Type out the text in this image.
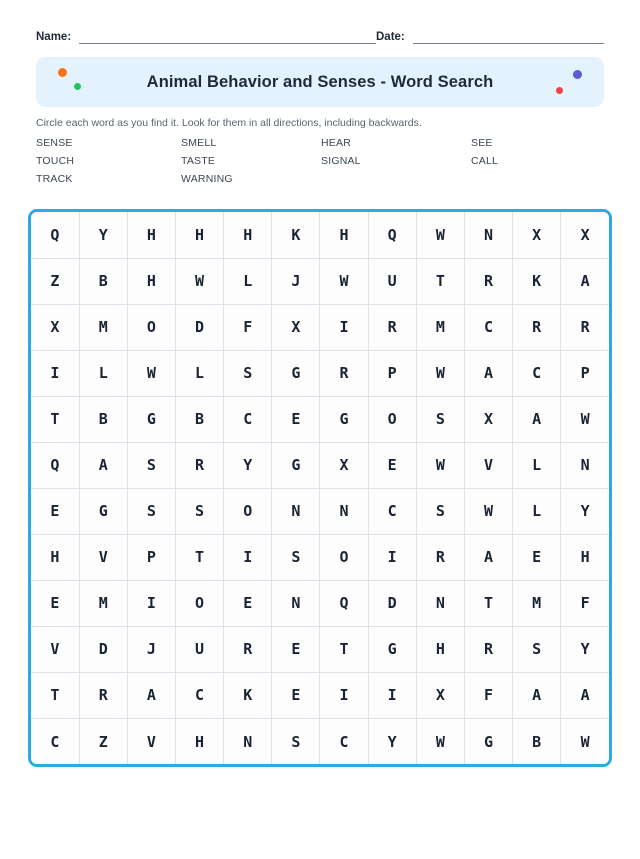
Name:	Date:
Animal Behavior and Senses - Word Search
Circle each word as you find it. Look for them in all directions, including backwards.
SENSE	SMELL	HEAR	SEE
TOUCH	TASTE	SIGNAL	CALL
TRACK	WARNING
Q	Y	H	H	H	K	H	Q	W	N	X	X
Z	B	H	W	L	J	W	U	T	R	K	A
X	M	O	D	F	X	I	R	M	C	R	R
I	L	W	L	S	G	R	P	W	A	C	P
T	B	G	B	C	E	G	O	S	X	A	W
Q	A	S	R	Y	G	X	E	W	V	L	N
E	G	S	S	O	N	N	C	S	W	L	Y
H	V	P	T	I	S	O	I	R	A	E	H
E	M	I	O	E	N	Q	D	N	T	M	F
V	D	J	U	R	E	T	G	H	R	S	Y
T	R	A	C	K	E	I	I	X	F	A	A
C	Z	V	H	N	S	C	Y	W	G	B	W
